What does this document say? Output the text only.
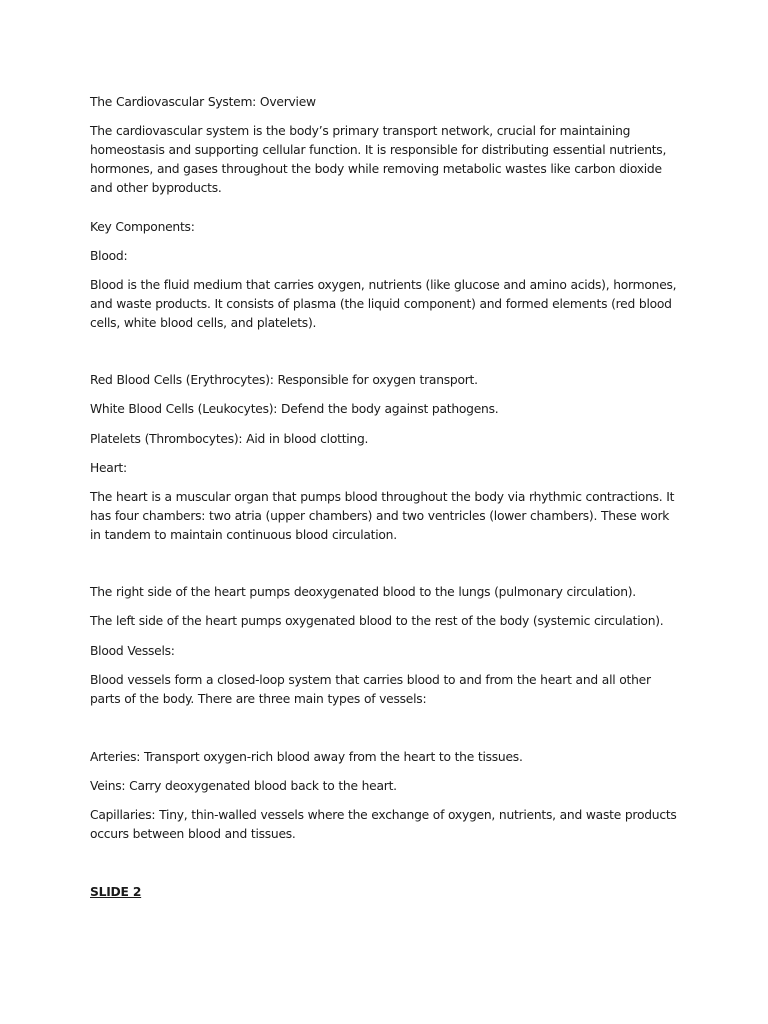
The Cardiovascular System: Overview

The cardiovascular system is the body’s primary transport network, crucial for maintaining homeostasis and supporting cellular function. It is responsible for distributing essential nutrients, hormones, and gases throughout the body while removing metabolic wastes like carbon dioxide and other byproducts.

Key Components:

Blood:

Blood is the fluid medium that carries oxygen, nutrients (like glucose and amino acids), hormones, and waste products. It consists of plasma (the liquid component) and formed elements (red blood cells, white blood cells, and platelets).

Red Blood Cells (Erythrocytes): Responsible for oxygen transport.

White Blood Cells (Leukocytes): Defend the body against pathogens.

Platelets (Thrombocytes): Aid in blood clotting.

Heart:

The heart is a muscular organ that pumps blood throughout the body via rhythmic contractions. It has four chambers: two atria (upper chambers) and two ventricles (lower chambers). These work in tandem to maintain continuous blood circulation.

The right side of the heart pumps deoxygenated blood to the lungs (pulmonary circulation).

The left side of the heart pumps oxygenated blood to the rest of the body (systemic circulation).

Blood Vessels:

Blood vessels form a closed-loop system that carries blood to and from the heart and all other parts of the body. There are three main types of vessels:

Arteries: Transport oxygen-rich blood away from the heart to the tissues.

Veins: Carry deoxygenated blood back to the heart.

Capillaries: Tiny, thin-walled vessels where the exchange of oxygen, nutrients, and waste products occurs between blood and tissues.

SLIDE 2
